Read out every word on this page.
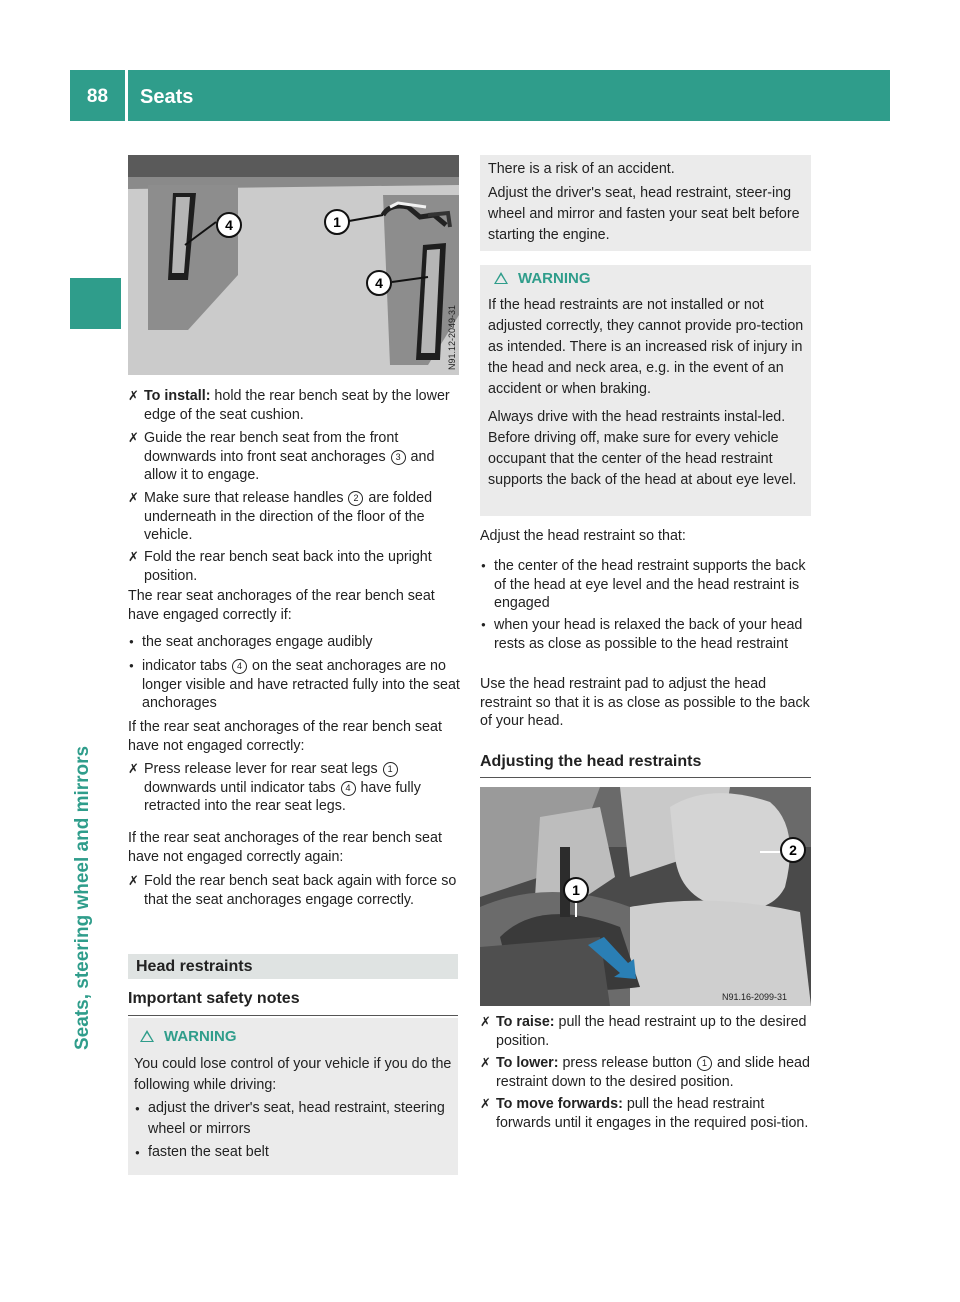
88	Seats
Seats, steering wheel and mirrors
1
4
4
N91.12-2049-31
✗ To install: hold the rear bench seat by the lower edge of the seat cushion.
✗ Guide the rear bench seat from the front downwards into front seat anchorages 3 and allow it to engage.
✗ Make sure that release handles 2 are folded underneath in the direction of the floor of the vehicle.
✗ Fold the rear bench seat back into the upright position.
The rear seat anchorages of the rear bench seat have engaged correctly if:
● the seat anchorages engage audibly
● indicator tabs 4 on the seat anchorages are no longer visible and have retracted fully into the seat anchorages
If the rear seat anchorages of the rear bench seat have not engaged correctly:
✗ Press release lever for rear seat legs 1 downwards until indicator tabs 4 have fully retracted into the rear seat legs.
If the rear seat anchorages of the rear bench seat have not engaged correctly again:
✗ Fold the rear bench seat back again with force so that the seat anchorages engage correctly.
Head restraints
Important safety notes
WARNING
You could lose control of your vehicle if you do the following while driving:
● adjust the driver's seat, head restraint, steering wheel or mirrors
● fasten the seat belt
There is a risk of an accident.
Adjust the driver's seat, head restraint, steer-ing wheel and mirror and fasten your seat belt before starting the engine.
WARNING
If the head restraints are not installed or not adjusted correctly, they cannot provide pro-tection as intended. There is an increased risk of injury in the head and neck area, e.g. in the event of an accident or when braking.
Always drive with the head restraints instal-led. Before driving off, make sure for every vehicle occupant that the center of the head restraint supports the back of the head at about eye level.
Adjust the head restraint so that:
● the center of the head restraint supports the back of the head at eye level and the head restraint is engaged
● when your head is relaxed the back of your head rests as close as possible to the head restraint
Use the head restraint pad to adjust the head restraint so that it is as close as possible to the back of your head.
Adjusting the head restraints
1
2
N91.16-2099-31
✗ To raise: pull the head restraint up to the desired position.
✗ To lower: press release button 1 and slide head restraint down to the desired position.
✗ To move forwards: pull the head restraint forwards until it engages in the required posi-tion.
